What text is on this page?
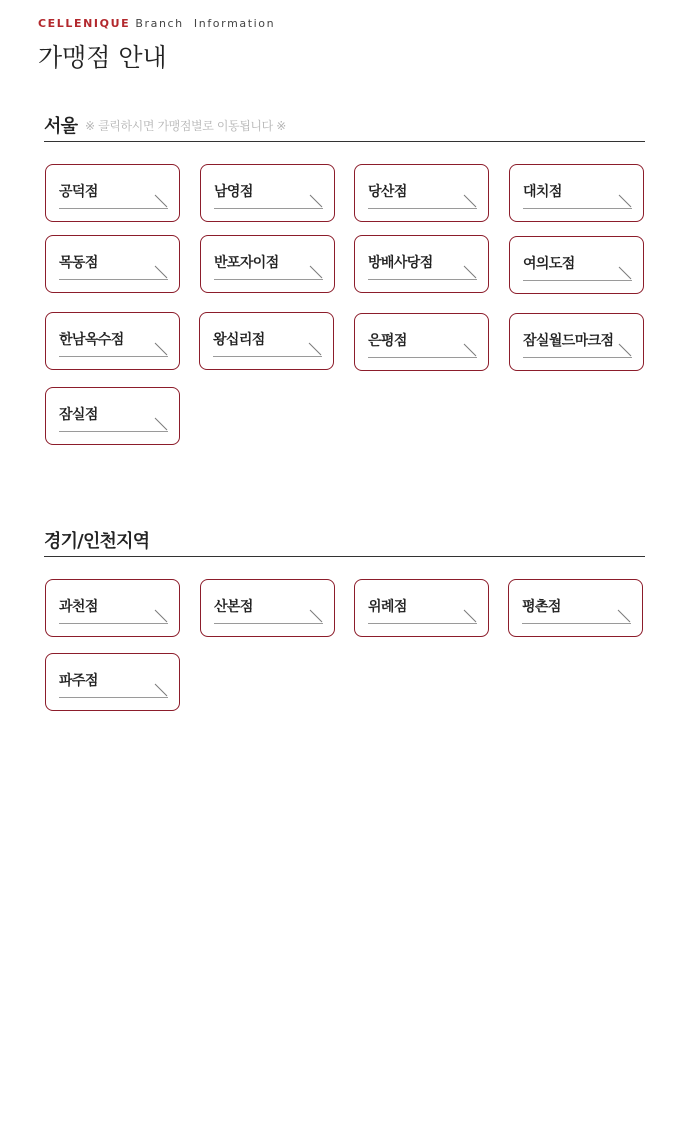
CELLENIQUE Branch  Information
가맹점 안내
서울 ※ 클릭하시면 가맹점별로 이동됩니다 ※
공덕점	남영점	당산점	대치점
목동점	반포자이점	방배사당점	여의도점
한남옥수점	왕십리점	은평점	잠실월드마크점
잠실점
경기/인천지역
과천점	산본점	위례점	평촌점
파주점
